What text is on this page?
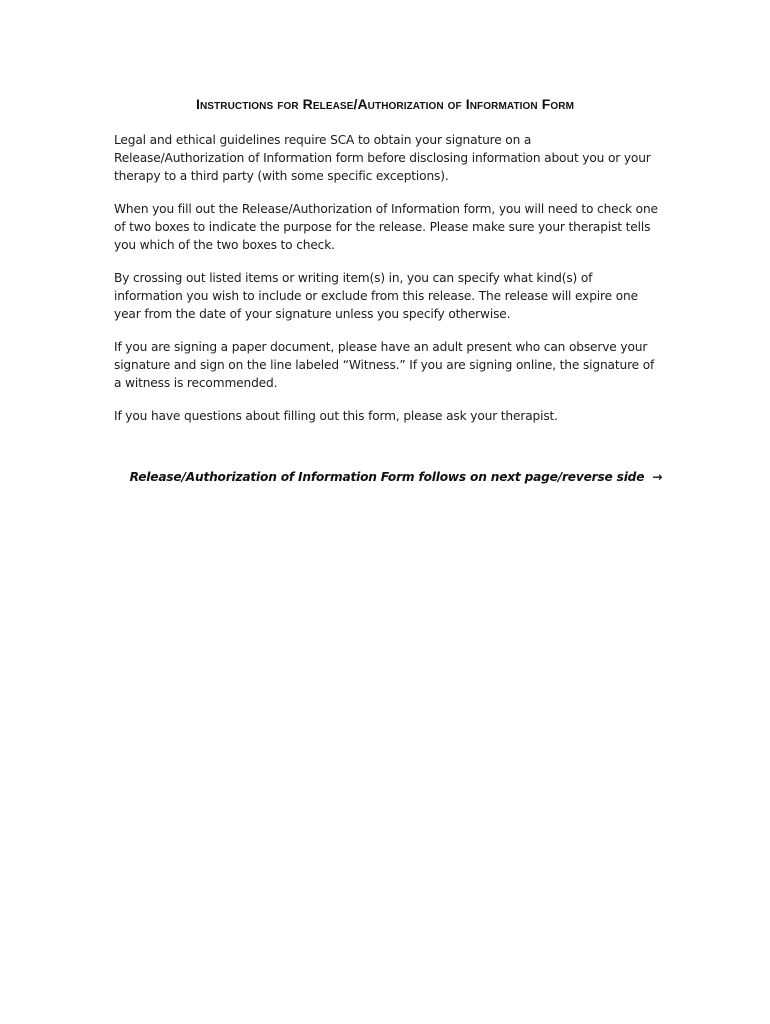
Instructions for Release/Authorization of Information Form

Legal and ethical guidelines require SCA to obtain your signature on a Release/Authorization of Information form before disclosing information about you or your therapy to a third party (with some specific exceptions).

When you fill out the Release/Authorization of Information form, you will need to check one of two boxes to indicate the purpose for the release. Please make sure your therapist tells you which of the two boxes to check.

By crossing out listed items or writing item(s) in, you can specify what kind(s) of information you wish to include or exclude from this release. The release will expire one year from the date of your signature unless you specify otherwise.

If you are signing a paper document, please have an adult present who can observe your signature and sign on the line labeled “Witness.” If you are signing online, the signature of a witness is recommended.

If you have questions about filling out this form, please ask your therapist.

Release/Authorization of Information Form follows on next page/reverse side →
